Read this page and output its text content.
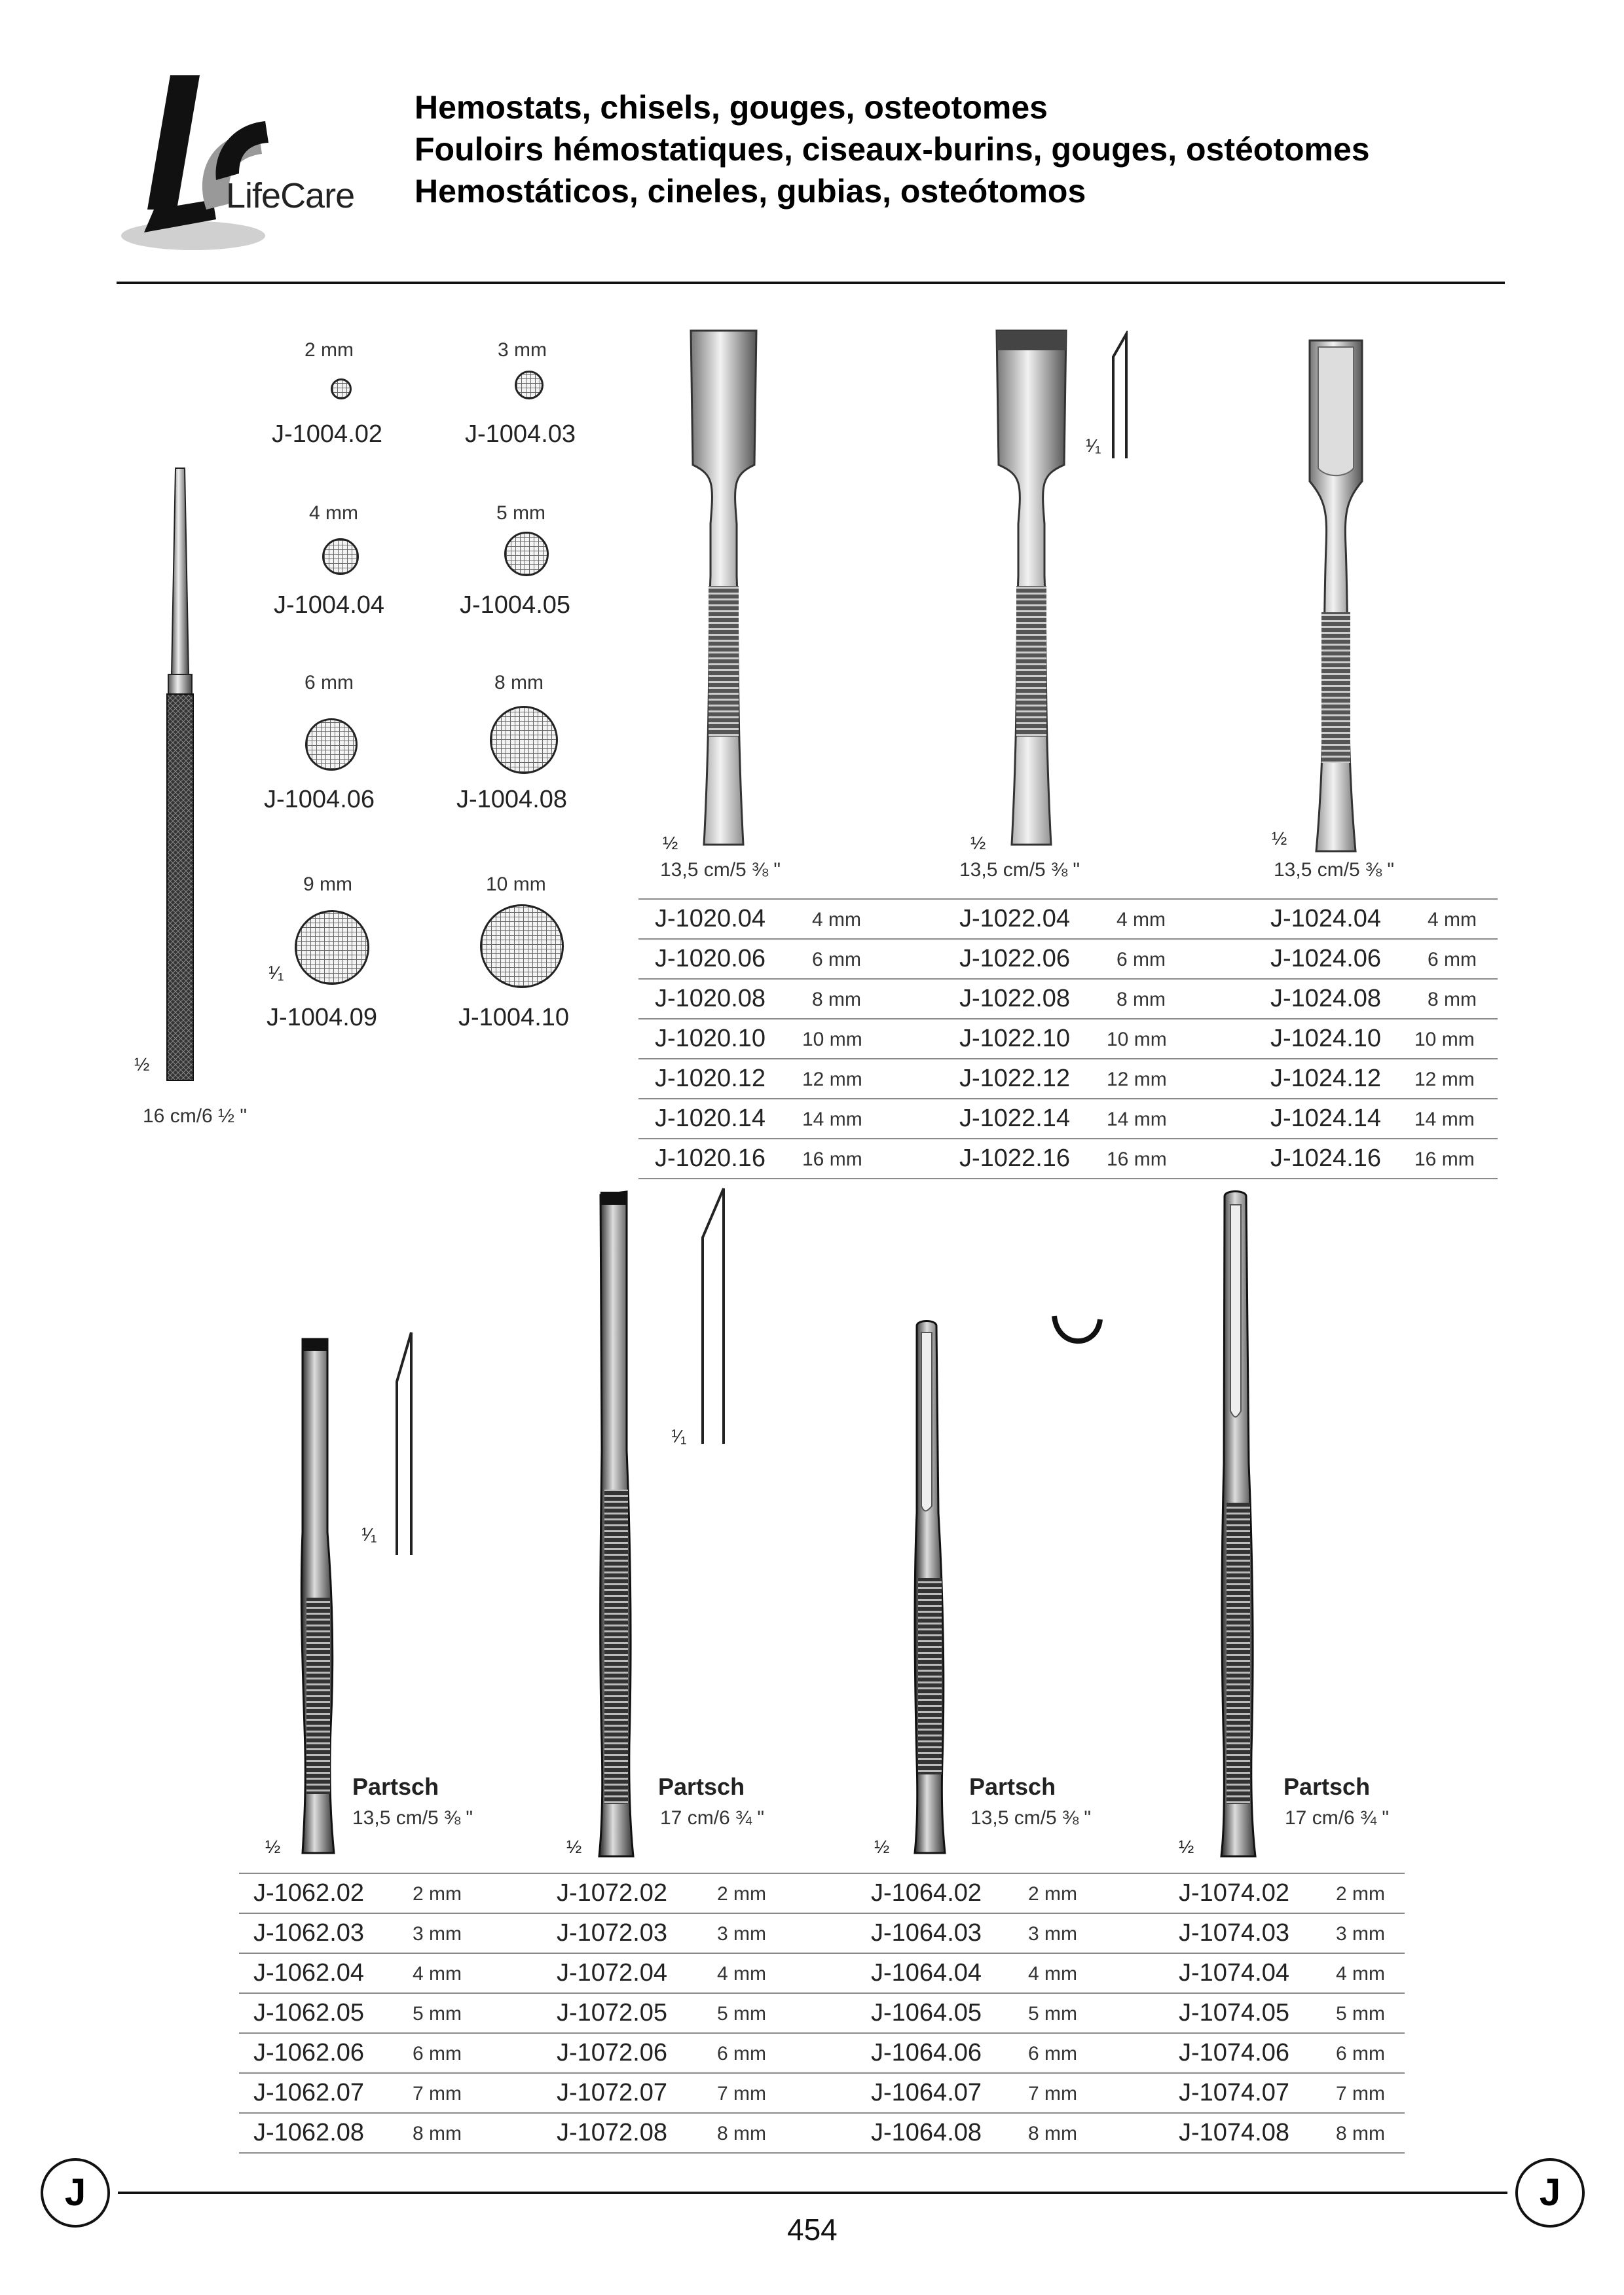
LifeCare
Hemostats, chisels, gouges, osteotomes
Fouloirs hémostatiques, ciseaux-burins, gouges, ostéotomes
Hemostáticos, cineles, gubias, osteótomos
½
16 cm/6 ½ "
¹⁄₁
2 mm
J-1004.02
3 mm
J-1004.03
4 mm
J-1004.04
5 mm
J-1004.05
6 mm
J-1004.06
8 mm
J-1004.08
9 mm
J-1004.09
10 mm
J-1004.10
¹⁄₁
½
13,5 cm/5 ⅜ "
½
13,5 cm/5 ⅜ "
½
13,5 cm/5 ⅜ "
J-1020.04 4 mm	J-1022.04 4 mm	J-1024.04 4 mm
J-1020.06 6 mm	J-1022.06 6 mm	J-1024.06 6 mm
J-1020.08 8 mm	J-1022.08 8 mm	J-1024.08 8 mm
J-1020.10 10 mm	J-1022.10 10 mm	J-1024.10 10 mm
J-1020.12 12 mm	J-1022.12 12 mm	J-1024.12 12 mm
J-1020.14 14 mm	J-1022.14 14 mm	J-1024.14 14 mm
J-1020.16 16 mm	J-1022.16 16 mm	J-1024.16 16 mm
¹⁄₁
¹⁄₁
Partsch
13,5 cm/5 ⅜ "
½
Partsch
17 cm/6 ¾ "
½
Partsch
13,5 cm/5 ⅜ "
½
Partsch
17 cm/6 ¾ "
½
J-1062.02 2 mm	J-1072.02	2 mm	J-1064.02 2 mm	J-1074.02 2 mm
J-1062.03 3 mm	J-1072.03	3 mm	J-1064.03 3 mm	J-1074.03 3 mm
J-1062.04 4 mm	J-1072.04	4 mm	J-1064.04 4 mm	J-1074.04 4 mm
J-1062.05 5 mm	J-1072.05	5 mm	J-1064.05 5 mm	J-1074.05 5 mm
J-1062.06 6 mm	J-1072.06	6 mm	J-1064.06 6 mm	J-1074.06 6 mm
J-1062.07 7 mm	J-1072.07	7 mm	J-1064.07 7 mm	J-1074.07 7 mm
J-1062.08 8 mm	J-1072.08	8 mm	J-1064.08 8 mm	J-1074.08 8 mm
J	J
454
